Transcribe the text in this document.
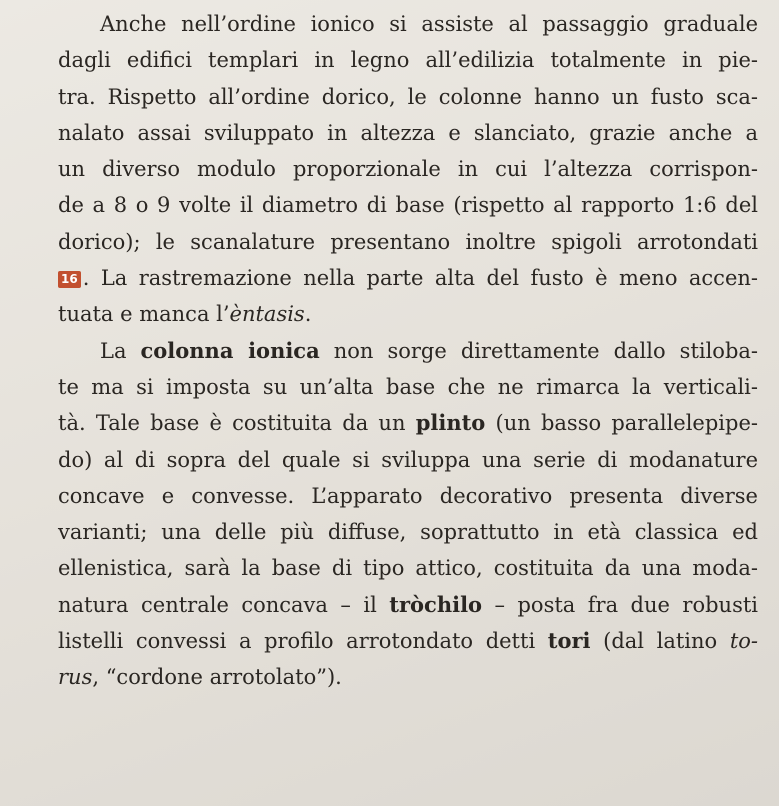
Anche nell’ordine ionico si assiste al passaggio graduale
dagli edifici templari in legno all’edilizia totalmente in pie-
tra. Rispetto all’ordine dorico, le colonne hanno un fusto sca-
nalato assai sviluppato in altezza e slanciato, grazie anche a
un diverso modulo proporzionale in cui l’altezza corrispon-
de a 8 o 9 volte il diametro di base (rispetto al rapporto 1:6 del
dorico); le scanalature presentano inoltre spigoli arrotondati
16 . La rastremazione nella parte alta del fusto è meno accen-
tuata e manca l’èntasis.
La colonna ionica non sorge direttamente dallo stiloba-
te ma si imposta su un’alta base che ne rimarca la verticali-
tà. Tale base è costituita da un plinto (un basso parallelepipe-
do) al di sopra del quale si sviluppa una serie di modanature
concave e convesse. L’apparato decorativo presenta diverse
varianti; una delle più diffuse, soprattutto in età classica ed
ellenistica, sarà la base di tipo attico, costituita da una moda-
natura centrale concava – il tròchilo – posta fra due robusti
listelli convessi a profilo arrotondato detti tori (dal latino to-
rus, “cordone arrotolato”).
